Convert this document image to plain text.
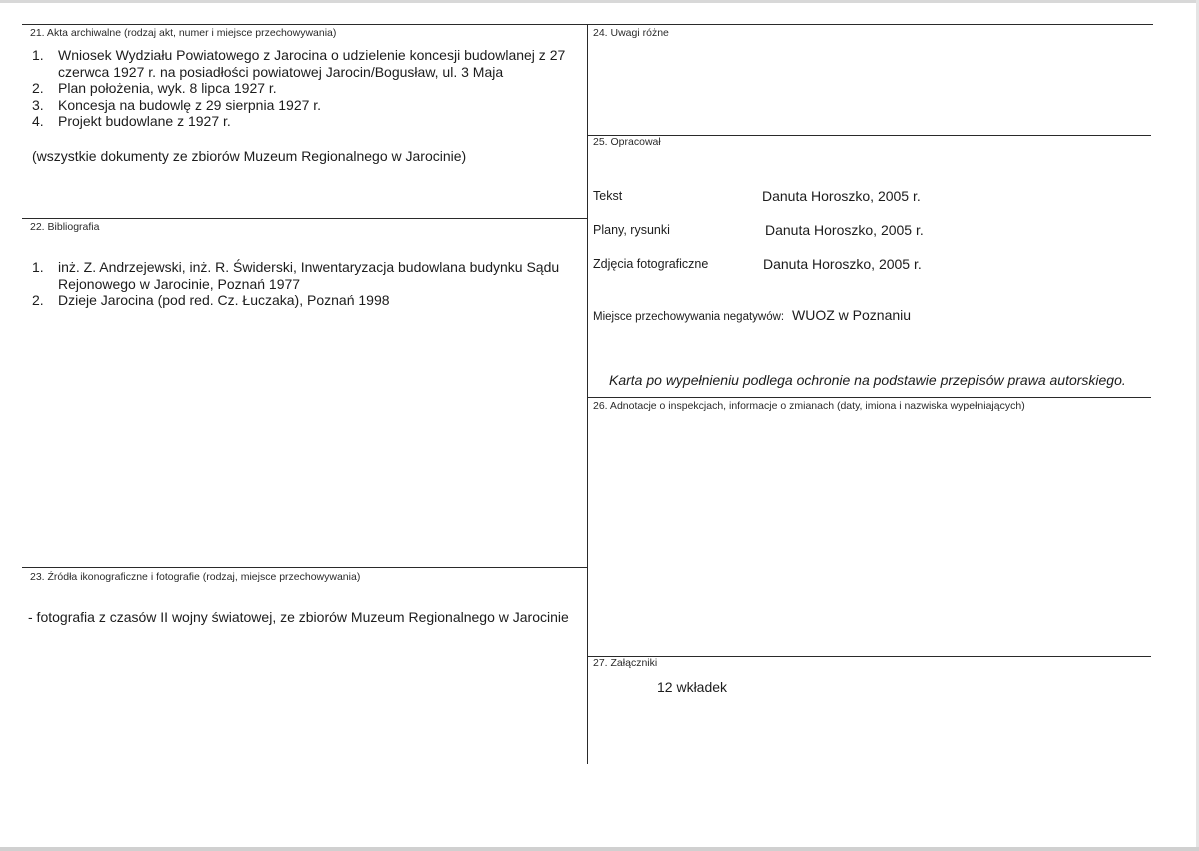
21. Akta archiwalne (rodzaj akt, numer i miejsce przechowywania)
1. Wniosek Wydziału Powiatowego z Jarocina o udzielenie koncesji budowlanej z 27 czerwca 1927 r. na posiadłości powiatowej Jarocin/Bogusław, ul. 3 Maja
2. Plan położenia, wyk. 8 lipca 1927 r.
3. Koncesja na budowlę z 29 sierpnia 1927 r.
4. Projekt budowlane z 1927 r.
(wszystkie dokumenty ze zbiorów Muzeum Regionalnego w Jarocinie)
22. Bibliografia
1. inż. Z. Andrzejewski, inż. R. Świderski, Inwentaryzacja budowlana budynku Sądu Rejonowego w Jarocinie, Poznań 1977
2. Dzieje Jarocina (pod red. Cz. Łuczaka), Poznań 1998
23. Źródła ikonograficzne i fotografie (rodzaj, miejsce przechowywania)
- fotografia z czasów II wojny światowej, ze zbiorów Muzeum Regionalnego w Jarocinie
24. Uwagi różne
25. Opracował
Tekst	Danuta Horoszko, 2005 r.
Plany, rysunki	Danuta Horoszko, 2005 r.
Zdjęcia fotograficzne	Danuta Horoszko, 2005 r.
Miejsce przechowywania negatywów: WUOZ w Poznaniu
Karta po wypełnieniu podlega ochronie na podstawie przepisów prawa autorskiego.
26. Adnotacje o inspekcjach, informacje o zmianach (daty, imiona i nazwiska wypełniających)
27. Załączniki
12 wkładek
